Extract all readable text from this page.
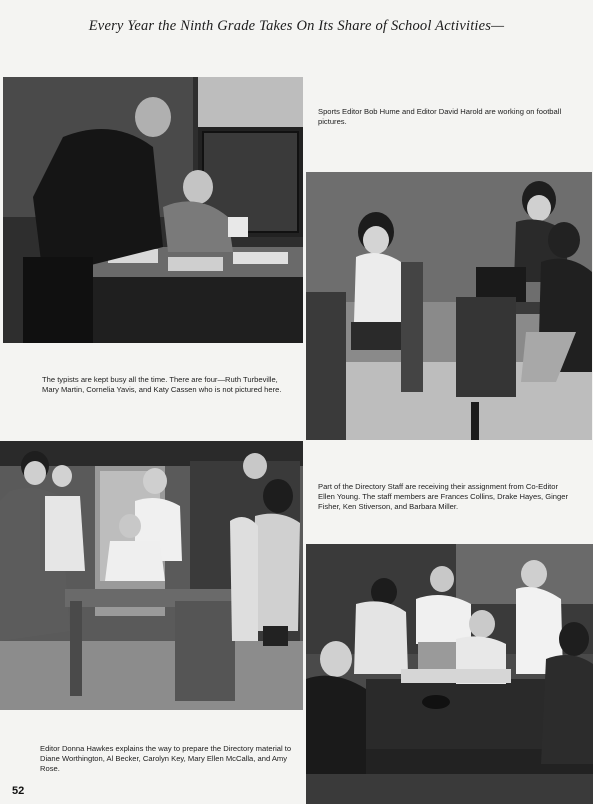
Every Year the Ninth Grade Takes On Its Share of School Activities—
Sports Editor Bob Hume and Editor David Harold are working on football pictures.
The typists are kept busy all the time. There are four—Ruth Turbeville, Mary Martin, Cornelia Yavis, and Katy Cassen who is not pictured here.
Part of the Directory Staff are receiving their assignment from Co-Editor Ellen Young. The staff members are Frances Collins, Drake Hayes, Ginger Fisher, Ken Stiverson, and Barbara Miller.
Editor Donna Hawkes explains the way to prepare the Directory material to Diane Worthington, Al Becker, Carolyn Key, Mary Ellen McCalla, and Amy Rose.
52
